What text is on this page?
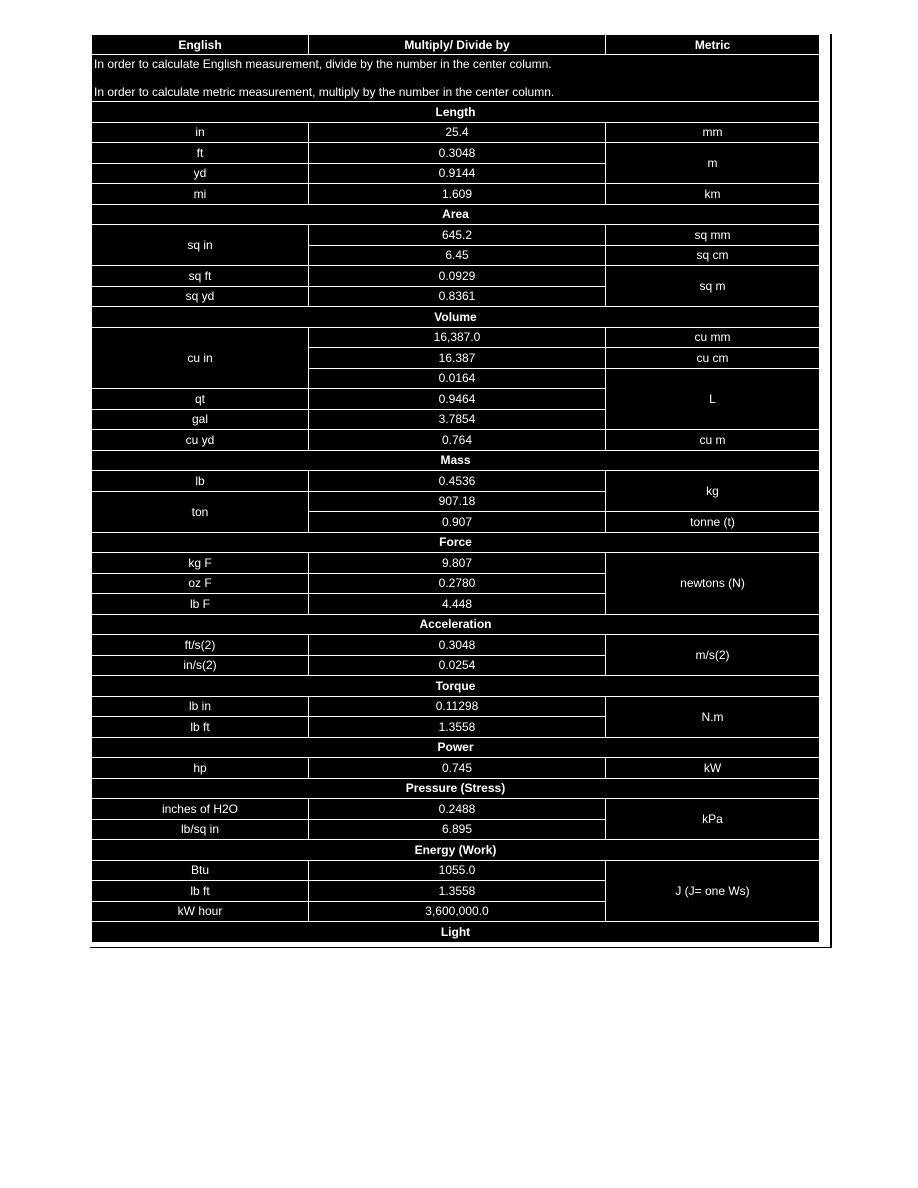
English	Multiply/ Divide by	Metric

In order to calculate English measurement, divide by the number in the center column.

In order to calculate metric measurement, multiply by the number in the center column.		

Length		
in	25.4	mm
ft	0.3048	m
yd	0.9144	
mi	1.609	km
Area		
sq in	645.2	sq mm
	6.45	sq cm
sq ft	0.0929	sq m
sq yd	0.8361	
Volume		
cu in	16,387.0	cu mm
	16.387	cu cm
	0.0164	L
qt	0.9464	
gal	3.7854	
cu yd	0.764	cu m
Mass		
lb	0.4536	kg
ton	907.18	
	0.907	tonne (t)
Force		
kg F	9.807	newtons (N)
oz F	0.2780	
lb F	4.448	
Acceleration		
ft/s(2)	0.3048	m/s(2)
in/s(2)	0.0254	
Torque		
lb in	0.11298	N.m
lb ft	1.3558	
Power		
hp	0.745	kW
Pressure (Stress)		
inches of H2O	0.2488	kPa
lb/sq in	6.895	
Energy (Work)		
Btu	1055.0	J (J= one Ws)
lb ft	1.3558	
kW hour	3,600,000.0	
Light		
